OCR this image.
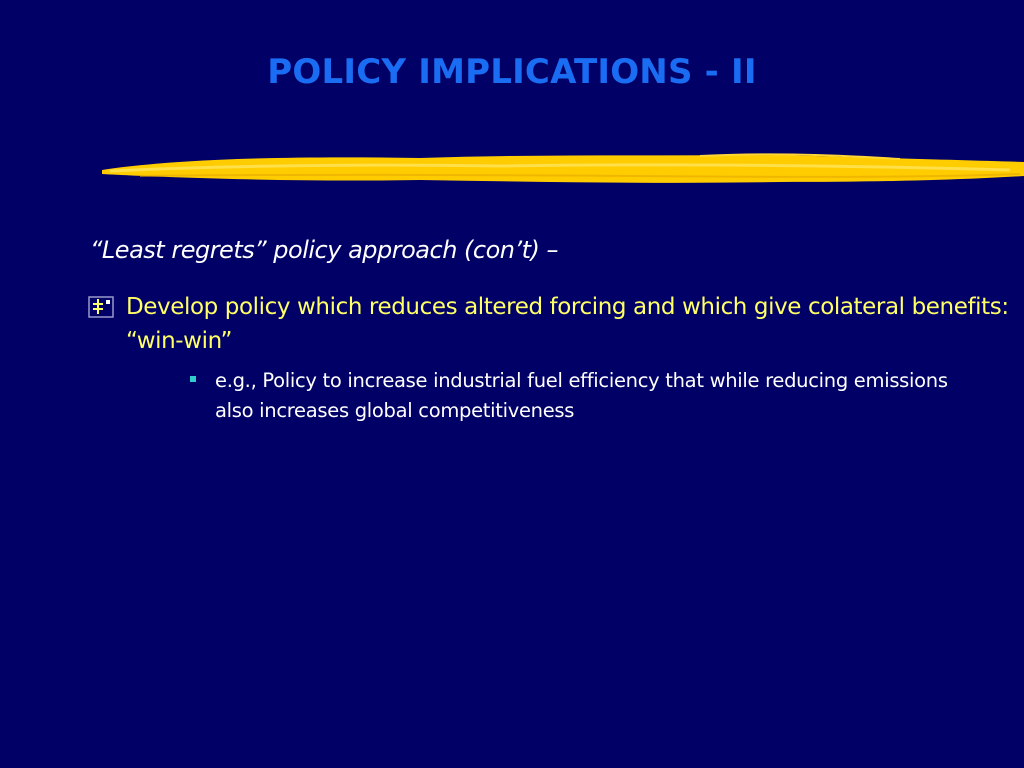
POLICY IMPLICATIONS - II
“Least regrets” policy approach (con’t) –
Develop policy which reduces altered forcing and which give colateral benefits: “win-win”
e.g., Policy to increase industrial fuel efficiency that while reducing emissions also increases global competitiveness
